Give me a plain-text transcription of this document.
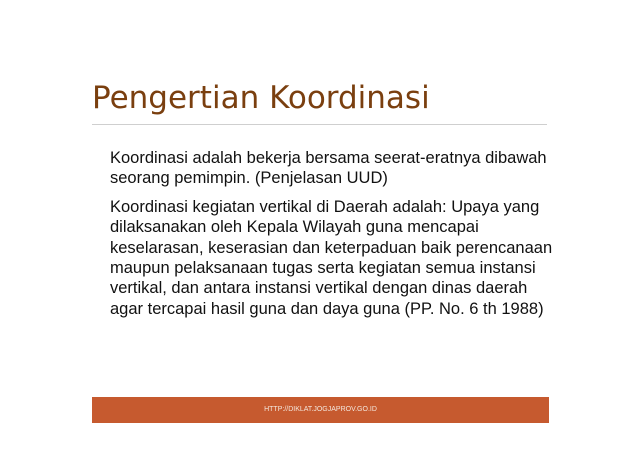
Pengertian Koordinasi

Koordinasi adalah bekerja bersama seerat-eratnya dibawah seorang pemimpin. (Penjelasan UUD)

Koordinasi kegiatan vertikal di Daerah adalah: Upaya yang dilaksanakan oleh Kepala Wilayah guna mencapai keselarasan, keserasian dan keterpaduan baik perencanaan maupun pelaksanaan tugas serta kegiatan semua instansi vertikal, dan antara instansi vertikal dengan dinas daerah agar tercapai hasil guna dan daya guna (PP. No. 6 th 1988)

HTTP://DIKLAT.JOGJAPROV.GO.ID
